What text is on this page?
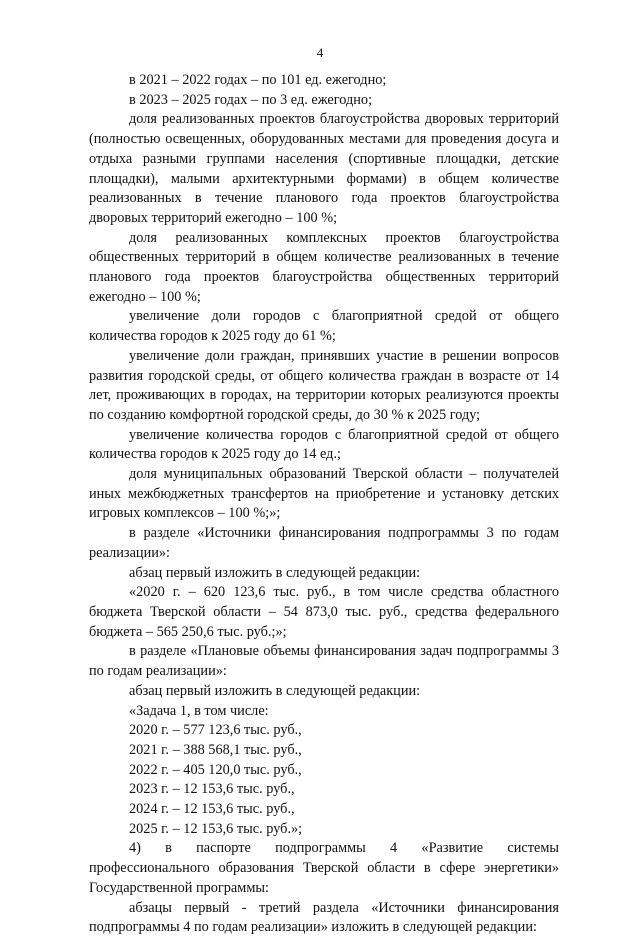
4

в 2021 – 2022 годах – по 101 ед. ежегодно;

в 2023 – 2025 годах – по 3 ед. ежегодно;

доля реализованных проектов благоустройства дворовых территорий (полностью освещенных, оборудованных местами для проведения досуга и отдыха разными группами населения (спортивные площадки, детские площадки), малыми архитектурными формами) в общем количестве реализованных в течение планового года проектов благоустройства дворовых территорий ежегодно – 100 %;

доля реализованных комплексных проектов благоустройства общественных территорий в общем количестве реализованных в течение планового года проектов благоустройства общественных территорий ежегодно – 100 %;

увеличение доли городов с благоприятной средой от общего количества городов к 2025 году до 61 %;

увеличение доли граждан, принявших участие в решении вопросов развития городской среды, от общего количества граждан в возрасте от 14 лет, проживающих в городах, на территории которых реализуются проекты по созданию комфортной городской среды, до 30 % к 2025 году;

увеличение количества городов с благоприятной средой от общего количества городов к 2025 году до 14 ед.;

доля муниципальных образований Тверской области – получателей иных межбюджетных трансфертов на приобретение и установку детских игровых комплексов – 100 %;»;

в разделе «Источники финансирования подпрограммы 3 по годам реализации»:

абзац первый изложить в следующей редакции:

«2020 г. – 620 123,6 тыс. руб., в том числе средства областного бюджета Тверской области – 54 873,0 тыс. руб., средства федерального бюджета – 565 250,6 тыс. руб.;»;

в разделе «Плановые объемы финансирования задач подпрограммы 3 по годам реализации»:

абзац первый изложить в следующей редакции:

«Задача 1, в том числе:

2020 г. – 577 123,6 тыс. руб.,

2021 г. – 388 568,1 тыс. руб.,

2022 г. – 405 120,0 тыс. руб.,

2023 г. – 12 153,6 тыс. руб.,

2024 г. – 12 153,6 тыс. руб.,

2025 г. – 12 153,6 тыс. руб.»;

4) в паспорте подпрограммы 4 «Развитие системы профессионального образования Тверской области в сфере энергетики» Государственной программы:

абзацы первый - третий раздела «Источники финансирования подпрограммы 4 по годам реализации» изложить в следующей редакции:
